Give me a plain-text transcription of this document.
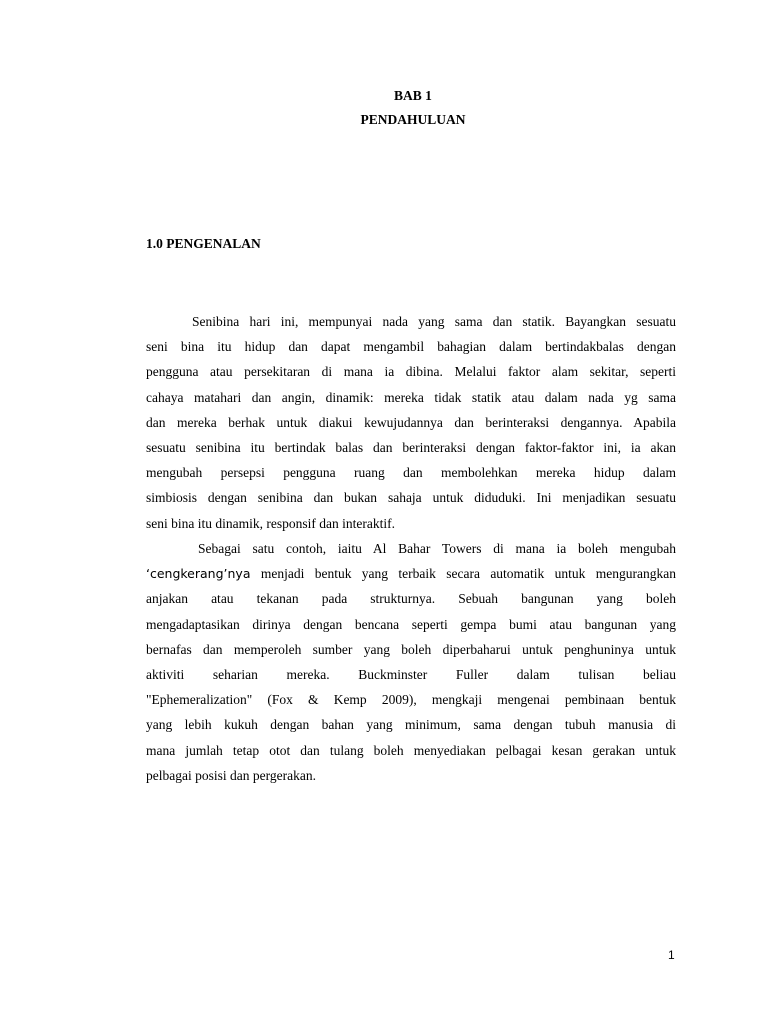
BAB 1
PENDAHULUAN
1.0 PENGENALAN
Senibina hari ini, mempunyai nada yang sama dan statik. Bayangkan sesuatu
seni bina itu hidup dan dapat mengambil bahagian dalam bertindakbalas dengan
pengguna atau persekitaran di mana ia dibina. Melalui faktor alam sekitar, seperti
cahaya matahari dan angin, dinamik: mereka tidak statik atau dalam nada yg sama
dan mereka berhak untuk diakui kewujudannya dan berinteraksi dengannya. Apabila
sesuatu senibina itu bertindak balas dan berinteraksi dengan faktor-faktor ini, ia akan
mengubah persepsi pengguna ruang dan membolehkan mereka hidup dalam
simbiosis dengan senibina dan bukan sahaja untuk diduduki. Ini menjadikan sesuatu
seni bina itu dinamik, responsif dan interaktif.
Sebagai satu contoh, iaitu Al Bahar Towers di mana ia boleh mengubah
‘cengkerang’nya menjadi bentuk yang terbaik secara automatik untuk mengurangkan
anjakan atau tekanan pada strukturnya. Sebuah bangunan yang boleh
mengadaptasikan dirinya dengan bencana seperti gempa bumi atau bangunan yang
bernafas dan memperoleh sumber yang boleh diperbaharui untuk penghuninya untuk
aktiviti seharian mereka. Buckminster Fuller dalam tulisan beliau
"Ephemeralization" (Fox & Kemp 2009), mengkaji mengenai pembinaan bentuk
yang lebih kukuh dengan bahan yang minimum, sama dengan tubuh manusia di
mana jumlah tetap otot dan tulang boleh menyediakan pelbagai kesan gerakan untuk
pelbagai posisi dan pergerakan.
1
